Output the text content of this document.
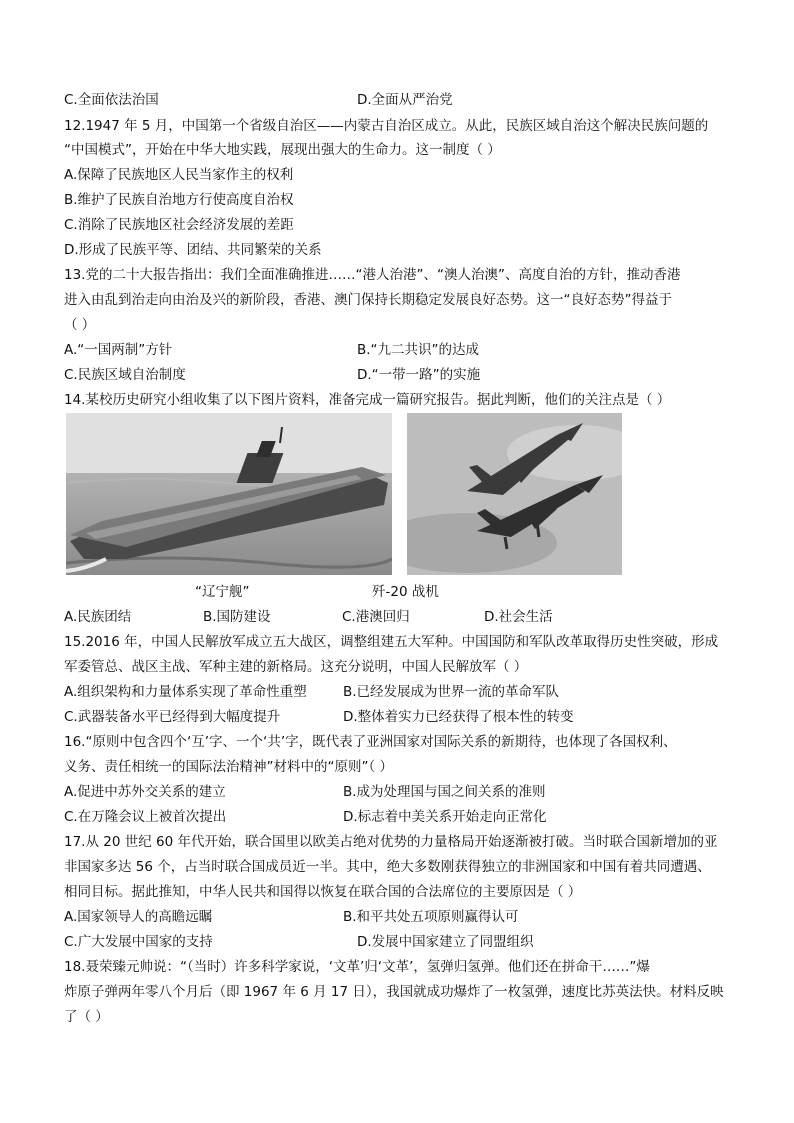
C.全面依法治国	D.全面从严治党
12.1947 年 5 月，中国第一个省级自治区——内蒙古自治区成立。从此，民族区域自治这个解决民族问题的
“中国模式”，开始在中华大地实践，展现出强大的生命力。这一制度（ ）
A.保障了民族地区人民当家作主的权利
B.维护了民族自治地方行使高度自治权
C.消除了民族地区社会经济发展的差距
D.形成了民族平等、团结、共同繁荣的关系
13.党的二十大报告指出：我们全面准确推进……“港人治港”、“澳人治澳”、高度自治的方针，推动香港
进入由乱到治走向由治及兴的新阶段，香港、澳门保持长期稳定发展良好态势。这一“良好态势”得益于
（ ）
A.“一国两制”方针	B.“九二共识”的达成
C.民族区域自治制度	D.“一带一路”的实施
14.某校历史研究小组收集了以下图片资料，准备完成一篇研究报告。据此判断，他们的关注点是（ ）
“辽宁舰”	歼-20 战机
A.民族团结	B.国防建设	C.港澳回归	D.社会生活
15.2016 年，中国人民解放军成立五大战区，调整组建五大军种。中国国防和军队改革取得历史性突破，形成
军委管总、战区主战、军种主建的新格局。这充分说明，中国人民解放军（ ）
A.组织架构和力量体系实现了革命性重塑	B.已经发展成为世界一流的革命军队
C.武器装备水平已经得到大幅度提升	D.整体着实力已经获得了根本性的转变
16.“原则中包含四个‘互’字、一个‘共’字，既代表了亚洲国家对国际关系的新期待，也体现了各国权利、
义务、责任相统一的国际法治精神”材料中的“原则”（ ）
A.促进中苏外交关系的建立	B.成为处理国与国之间关系的准则
C.在万隆会议上被首次提出	D.标志着中美关系开始走向正常化
17.从 20 世纪 60 年代开始，联合国里以欧美占绝对优势的力量格局开始逐渐被打破。当时联合国新增加的亚
非国家多达 56 个，占当时联合国成员近一半。其中，绝大多数刚获得独立的非洲国家和中国有着共同遭遇、
相同目标。据此推知，中华人民共和国得以恢复在联合国的合法席位的主要原因是（ ）
A.国家领导人的高瞻远瞩	B.和平共处五项原则赢得认可
C.广大发展中国家的支持	D.发展中国家建立了同盟组织
18.聂荣臻元帅说：“（当时）许多科学家说，‘文革’归‘文革’，氢弹归氢弹。他们还在拼命干……”爆
炸原子弹两年零八个月后（即 1967 年 6 月 17 日），我国就成功爆炸了一枚氢弹，速度比苏英法快。材料反映
了（ ）
